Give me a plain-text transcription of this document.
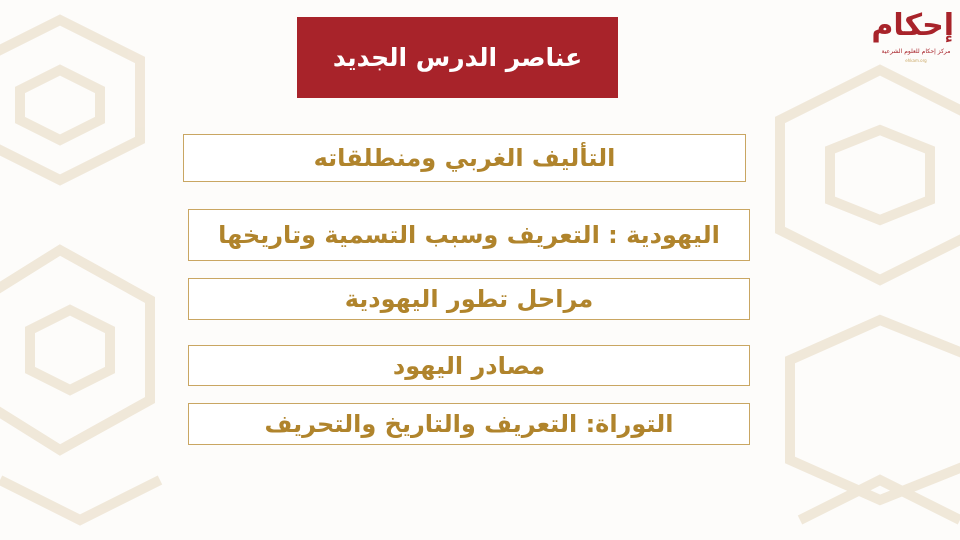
عناصر الدرس الجديد
التأليف الغربي ومنطلقاته
اليهودية : التعريف وسبب التسمية وتاريخها
مراحل تطور اليهودية
مصادر اليهود
التوراة: التعريف والتاريخ والتحريف
إحكام
مركز إحكام للعلوم الشرعية
ehkam.org
